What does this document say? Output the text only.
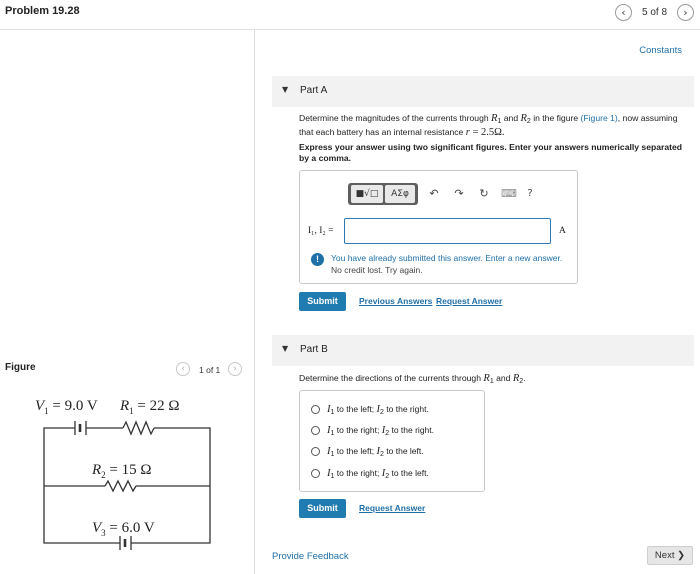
Problem 19.28	‹	5 of 8	›
Constants
▼ Part A
Determine the magnitudes of the currents through $R_1$ and $R_2$ in the figure (Figure 1), now assuming that each battery has an internal resistance r = 2.5Ω.
Express your answer using two significant figures. Enter your answers numerically separated by a comma.
■√□	ΑΣφ	↶	↷	↻	⌨	?
I₁, I₂ =	A
!	You have already submitted this answer. Enter a new answer.
No credit lost. Try again.
Submit	Previous Answers Request Answer
▼ Part B
Determine the directions of the currents through $R_1$ and $R_2$.
$I_1$ to the left; $I_2$ to the right.
$I_1$ to the right; $I_2$ to the right.
$I_1$ to the left; $I_2$ to the left.
$I_1$ to the right; $I_2$ to the left.
Submit	Request Answer
Figure	‹	1 of 1	›
$V_1 = 9.0$ V $R_1 = 22$ Ω
$R_2 = 15$ Ω
$V_3 = 6.0$ V
Provide Feedback	Next ❯
